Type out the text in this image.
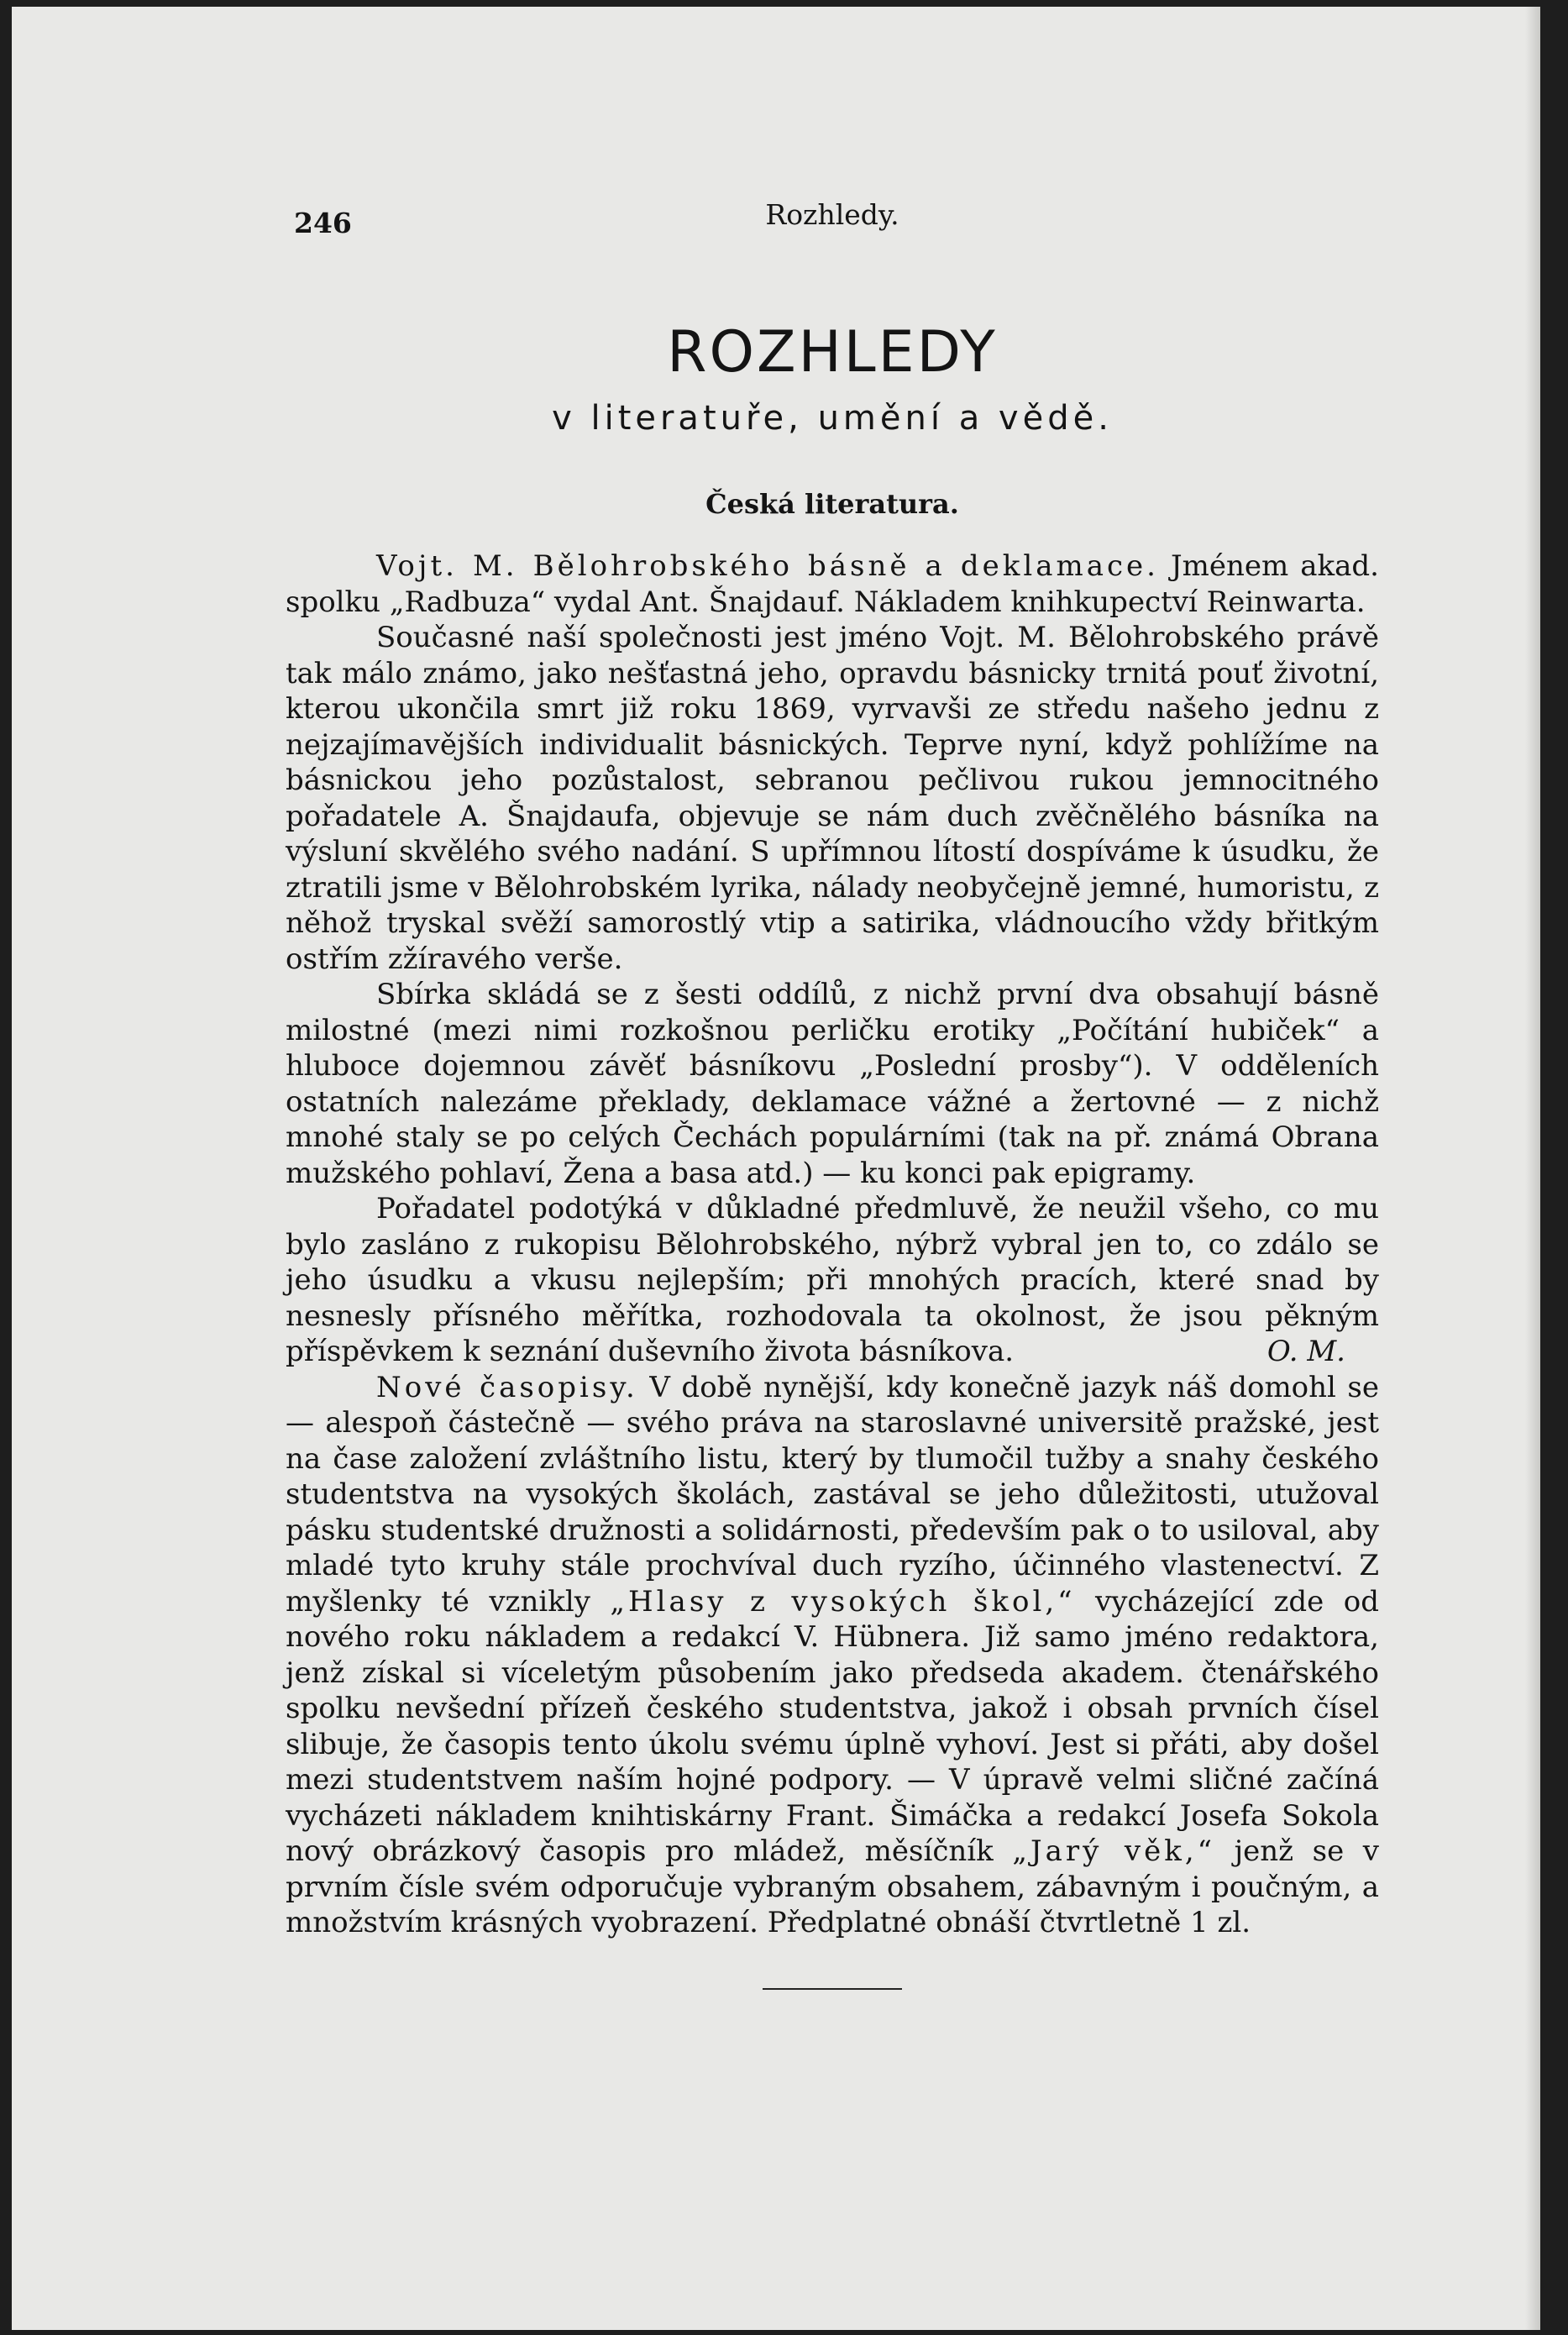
246	Rozhledy.
ROZHLEDY
v literatuře, umění a vědě.
Česká literatura.

Vojt. M. Bělohrobského básně a deklamace. Jménem akad. spolku „Radbuza“ vydal Ant. Šnajdauf. Nákladem knihkupectví Reinwarta.

Současné naší společnosti jest jméno Vojt. M. Bělohrobského právě tak málo známo, jako nešťastná jeho, opravdu básnicky trnitá pouť životní, kterou ukončila smrt již roku 1869, vyrvavši ze středu našeho jednu z nejzajímavějších individualit básnických. Teprve nyní, když pohlížíme na básnickou jeho pozůstalost, sebranou pečlivou rukou jemnocitného pořadatele A. Šnajdaufa, objevuje se nám duch zvěčnělého básníka na výsluní skvělého svého nadání. S upřímnou lítostí dospíváme k úsudku, že ztratili jsme v Bělohrobském lyrika, nálady neobyčejně jemné, humoristu, z něhož tryskal svěží samorostlý vtip a satirika, vládnoucího vždy břitkým ostřím zžíravého verše.

Sbírka skládá se z šesti oddílů, z nichž první dva obsahují básně milostné (mezi nimi rozkošnou perličku erotiky „Počítání hubiček“ a hluboce dojemnou závěť básníkovu „Poslední prosby“). V odděleních ostatních nalezáme překlady, deklamace vážné a žertovné — z nichž mnohé staly se po celých Čechách populárními (tak na př. známá Obrana mužského pohlaví, Žena a basa atd.) — ku konci pak epigramy.

Pořadatel podotýká v důkladné předmluvě, že neužil všeho, co mu bylo zasláno z rukopisu Bělohrobského, nýbrž vybral jen to, co zdálo se jeho úsudku a vkusu nejlepším; při mnohých pracích, které snad by nesnesly přísného měřítka, rozhodovala ta okolnost, že jsou pěkným příspěvkem k seznání duševního života básníkova.	O. M.

Nové časopisy. V době nynější, kdy konečně jazyk náš domohl se — alespoň částečně — svého práva na staroslavné universitě pražské, jest na čase založení zvláštního listu, který by tlumočil tužby a snahy českého studentstva na vysokých školách, zastával se jeho důležitosti, utužoval pásku studentské družnosti a solidárnosti, především pak o to usiloval, aby mladé tyto kruhy stále prochvíval duch ryzího, účinného vlastenectví. Z myšlenky té vznikly „Hlasy z vysokých škol,“ vycházející zde od nového roku nákladem a redakcí V. Hübnera. Již samo jméno redaktora, jenž získal si víceletým působením jako předseda akadem. čtenářského spolku nevšední přízeň českého studentstva, jakož i obsah prvních čísel slibuje, že časopis tento úkolu svému úplně vyhoví. Jest si přáti, aby došel mezi studentstvem naším hojné podpory. — V úpravě velmi sličné začíná vycházeti nákladem knihtiskárny Frant. Šimáčka a redakcí Josefa Sokola nový obrázkový časopis pro mládež, měsíčník „Jarý věk,“ jenž se v prvním čísle svém odporučuje vybraným obsahem, zábavným i poučným, a množstvím krásných vyobrazení. Předplatné obnáší čtvrtletně 1 zl.
